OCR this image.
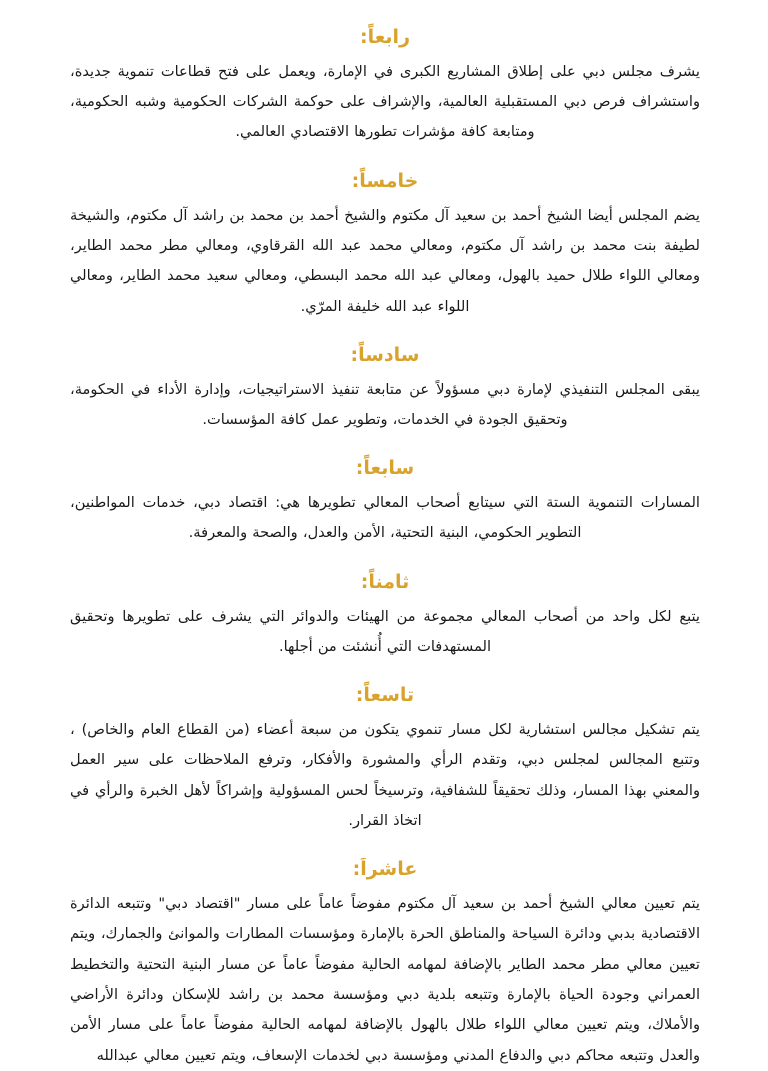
رابعاً:

يشرف مجلس دبي على إطلاق المشاريع الكبرى في الإمارة، ويعمل على فتح قطاعات تنموية جديدة، واستشراف فرص دبي المستقبلية العالمية، والإشراف على حوكمة الشركات الحكومية وشبه الحكومية، ومتابعة كافة مؤشرات تطورها الاقتصادي العالمي.

خامساً:

يضم المجلس أيضا الشيخ أحمد بن سعيد آل مكتوم والشيخ أحمد بن محمد بن راشد آل مكتوم، والشيخة لطيفة بنت محمد بن راشد آل مكتوم، ومعالي محمد عبد الله القرقاوي، ومعالي مطر محمد الطاير، ومعالي اللواء طلال حميد بالهول، ومعالي عبد الله محمد البسطي، ومعالي سعيد محمد الطاير، ومعالي اللواء عبد الله خليفة المرّي.

سادساً:

يبقى المجلس التنفيذي لإمارة دبي مسؤولاً عن متابعة تنفيذ الاستراتيجيات، وإدارة الأداء في الحكومة، وتحقيق الجودة في الخدمات، وتطوير عمل كافة المؤسسات.

سابعاً:

المسارات التنموية الستة التي سيتابع أصحاب المعالي تطويرها هي: اقتصاد دبي، خدمات المواطنين، التطوير الحكومي، البنية التحتية، الأمن والعدل، والصحة والمعرفة.

ثامناً:

يتبع لكل واحد من أصحاب المعالي مجموعة من الهيئات والدوائر التي يشرف على تطويرها وتحقيق المستهدفات التي أُنشئت من أجلها.

تاسعاً:

يتم تشكيل مجالس استشارية لكل مسار تنموي يتكون من سبعة أعضاء (من القطاع العام والخاص) ، وتتبع المجالس لمجلس دبي، وتقدم الرأي والمشورة والأفكار، وترفع الملاحظات على سير العمل والمعني بهذا المسار، وذلك تحقيقاً للشفافية، وترسيخاً لحس المسؤولية وإشراكاً لأهل الخبرة والرأي في اتخاذ القرار.

عاشراً:

يتم تعيين معالي الشيخ أحمد بن سعيد آل مكتوم مفوضاً عاماً على مسار "اقتصاد دبي" وتتبعه الدائرة الاقتصادية بدبي ودائرة السياحة والمناطق الحرة بالإمارة ومؤسسات المطارات والموانئ والجمارك، ويتم تعيين معالي مطر محمد الطاير بالإضافة لمهامه الحالية مفوضاً عاماً عن مسار البنية التحتية والتخطيط العمراني وجودة الحياة بالإمارة وتتبعه بلدية دبي ومؤسسة محمد بن راشد للإسكان ودائرة الأراضي والأملاك، ويتم تعيين معالي اللواء طلال بالهول بالإضافة لمهامه الحالية مفوضاً عاماً على مسار الأمن والعدل وتتبعه محاكم دبي والدفاع المدني ومؤسسة دبي لخدمات الإسعاف، ويتم تعيين معالي عبدالله
